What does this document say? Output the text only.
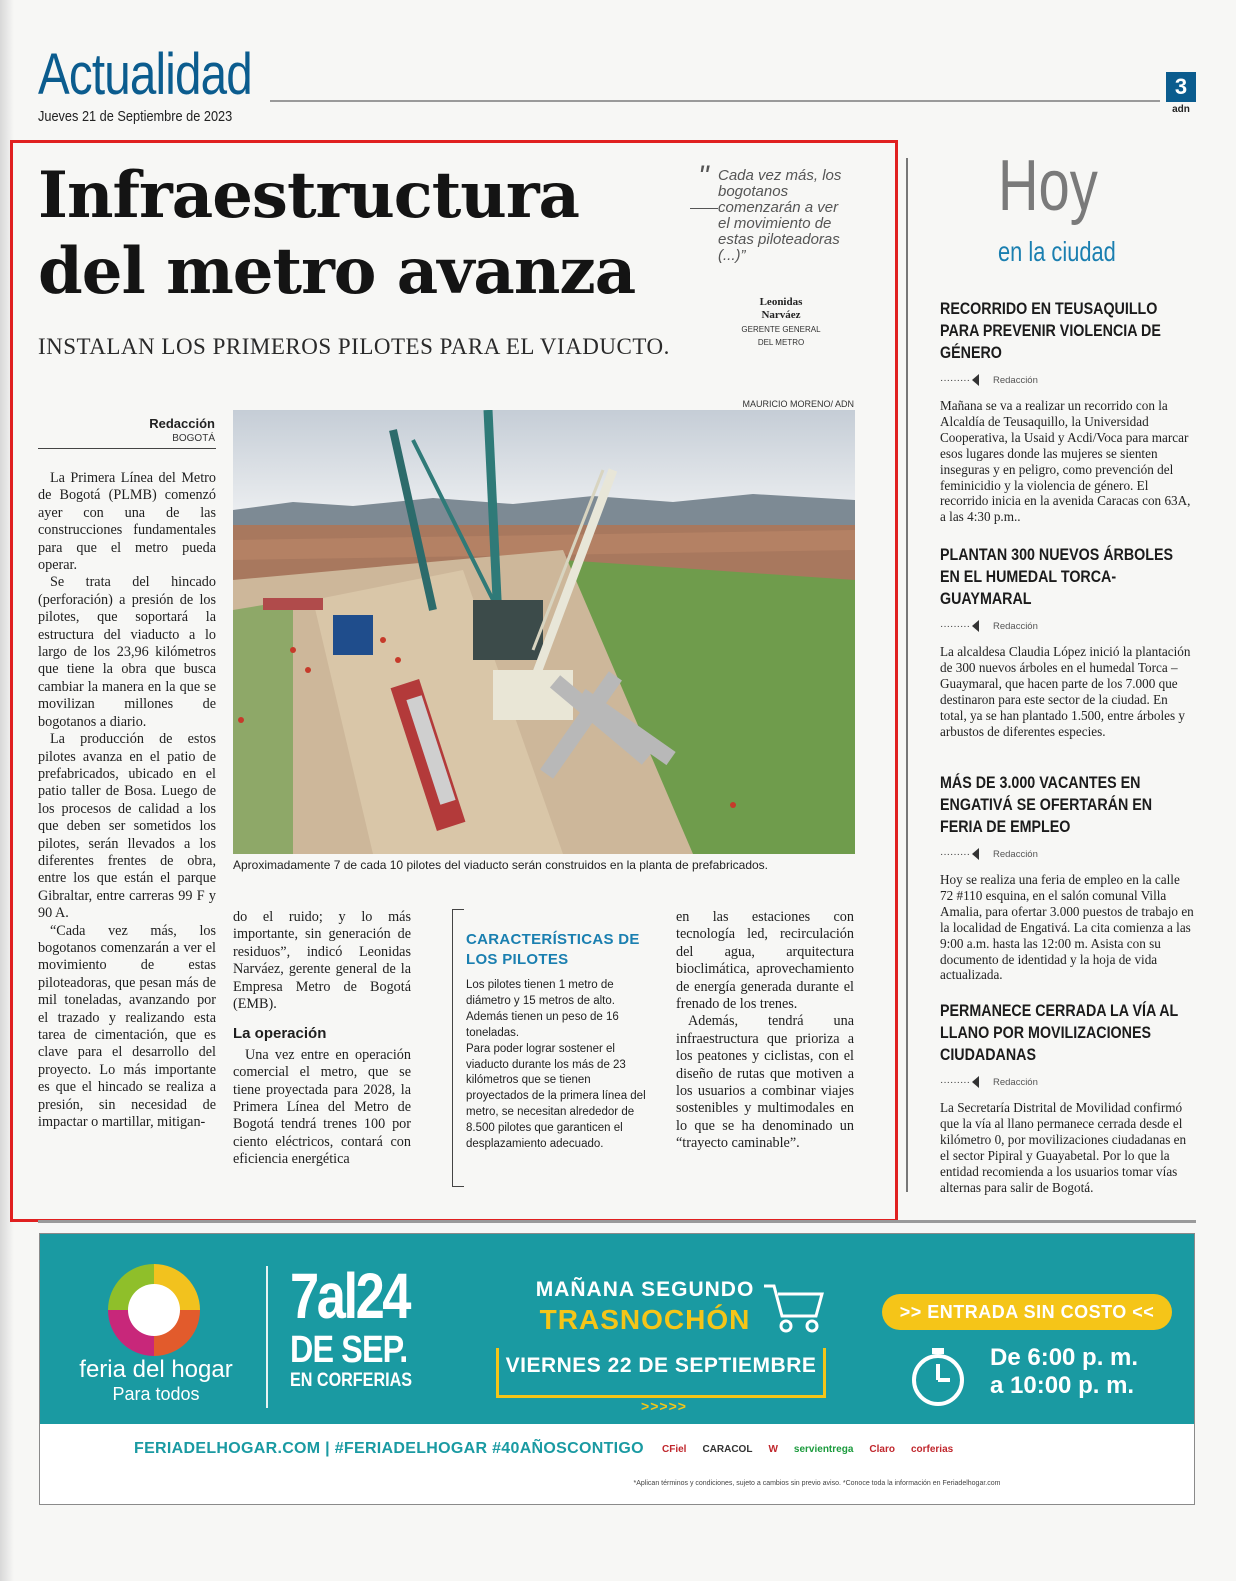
Actualidad
Jueves 21 de Septiembre de 2023
3
adn
Infraestructura del metro avanza
INSTALAN LOS PRIMEROS PILOTES PARA EL VIADUCTO.
" Cada vez más, los bogotanos comenzarán a ver el movimiento de estas piloteadoras (...)”
Leonidas Narváez
GERENTE GENERAL DEL METRO
Redacción
BOGOTÁ
MAURICIO MORENO/ ADN
Aproximadamente 7 de cada 10 pilotes del viaducto serán construidos en la planta de prefabricados.

La Primera Línea del Metro de Bogotá (PLMB) comenzó ayer con una de las construcciones fundamentales para que el metro pueda operar.

Se trata del hincado (perforación) a presión de los pilotes, que soportará la estructura del viaducto a lo largo de los 23,96 kilómetros que tiene la obra que busca cambiar la manera en la que se movilizan millones de bogotanos a diario.

La producción de estos pilotes avanza en el patio de prefabricados, ubicado en el patio taller de Bosa. Luego de los procesos de calidad a los que deben ser sometidos los pilotes, serán llevados a los diferentes frentes de obra, entre los que están el parque Gibraltar, entre carreras 99 F y 90 A.

“Cada vez más, los bogotanos comenzarán a ver el movimiento de estas piloteadoras, que pesan más de mil toneladas, avanzando por el trazado y realizando esta tarea de cimentación, que es clave para el desarrollo del proyecto. Lo más importante es que el hincado se realiza a presión, sin necesidad de impactar o martillar, mitigan-

do el ruido; y lo más importante, sin generación de residuos”, indicó Leonidas Narváez, gerente general de la Empresa Metro de Bogotá (EMB).

La operación

Una vez entre en operación comercial el metro, que se tiene proyectada para 2028, la Primera Línea del Metro de Bogotá tendrá trenes 100 por ciento eléctricos, contará con eficiencia energética

CARACTERÍSTICAS DE LOS PILOTES
Los pilotes tienen 1 metro de diámetro y 15 metros de alto. Además tienen un peso de 16 toneladas.
Para poder lograr sostener el viaducto durante los más de 23 kilómetros que se tienen proyectados de la primera línea del metro, se necesitan alrededor de 8.500 pilotes que garanticen el desplazamiento adecuado.

en las estaciones con tecnología led, recirculación del agua, arquitectura bioclimática, aprovechamiento de energía generada durante el frenado de los trenes.

Además, tendrá una infraestructura que prioriza a los peatones y ciclistas, con el diseño de rutas que motiven a los usuarios a combinar viajes sostenibles y multimodales en lo que se ha denominado un “trayecto caminable”.

Hoy
en la ciudad
RECORRIDO EN TEUSAQUILLO PARA PREVENIR VIOLENCIA DE GÉNERO
········· Redacción
Mañana se va a realizar un recorrido con la Alcaldía de Teusaquillo, la Universidad Cooperativa, la Usaid y Acdi/Voca para marcar esos lugares donde las mujeres se sienten inseguras y en peligro, como prevención del feminicidio y la violencia de género. El recorrido inicia en la avenida Caracas con 63A, a las 4:30 p.m..
PLANTAN 300 NUEVOS ÁRBOLES EN EL HUMEDAL TORCA-GUAYMARAL
········· Redacción
La alcaldesa Claudia López inició la plantación de 300 nuevos árboles en el humedal Torca – Guaymaral, que hacen parte de los 7.000 que destinaron para este sector de la ciudad. En total, ya se han plantado 1.500, entre árboles y arbustos de diferentes especies.
MÁS DE 3.000 VACANTES EN ENGATIVÁ SE OFERTARÁN EN FERIA DE EMPLEO
········· Redacción
Hoy se realiza una feria de empleo en la calle 72 #110 esquina, en el salón comunal Villa Amalia, para ofertar 3.000 puestos de trabajo en la localidad de Engativá. La cita comienza a las 9:00 a.m. hasta las 12:00 m. Asista con su documento de identidad y la hoja de vida actualizada.
PERMANECE CERRADA LA VÍA AL LLANO POR MOVILIZACIONES CIUDADANAS
········· Redacción
La Secretaría Distrital de Movilidad confirmó que la vía al llano permanece cerrada desde el kilómetro 0, por movilizaciones ciudadanas en el sector Pipiral y Guayabetal. Por lo que la entidad recomienda a los usuarios tomar vías alternas para salir de Bogotá.
feria del hogar
Para todos
7al24
DE SEP.
EN CORFERIAS
MAÑANA SEGUNDO
TRASNOCHÓN
VIERNES 22 DE SEPTIEMBRE
>>>>>
>> ENTRADA SIN COSTO <<
De 6:00 p. m.
a 10:00 p. m.
FERIADELHOGAR.COM | #FERIADELHOGAR #40AÑOSCONTIGO CFiel CARACOL W servientrega Claro corferias
*Aplican términos y condiciones, sujeto a cambios sin previo aviso. *Conoce toda la información en Feriadelhogar.com
